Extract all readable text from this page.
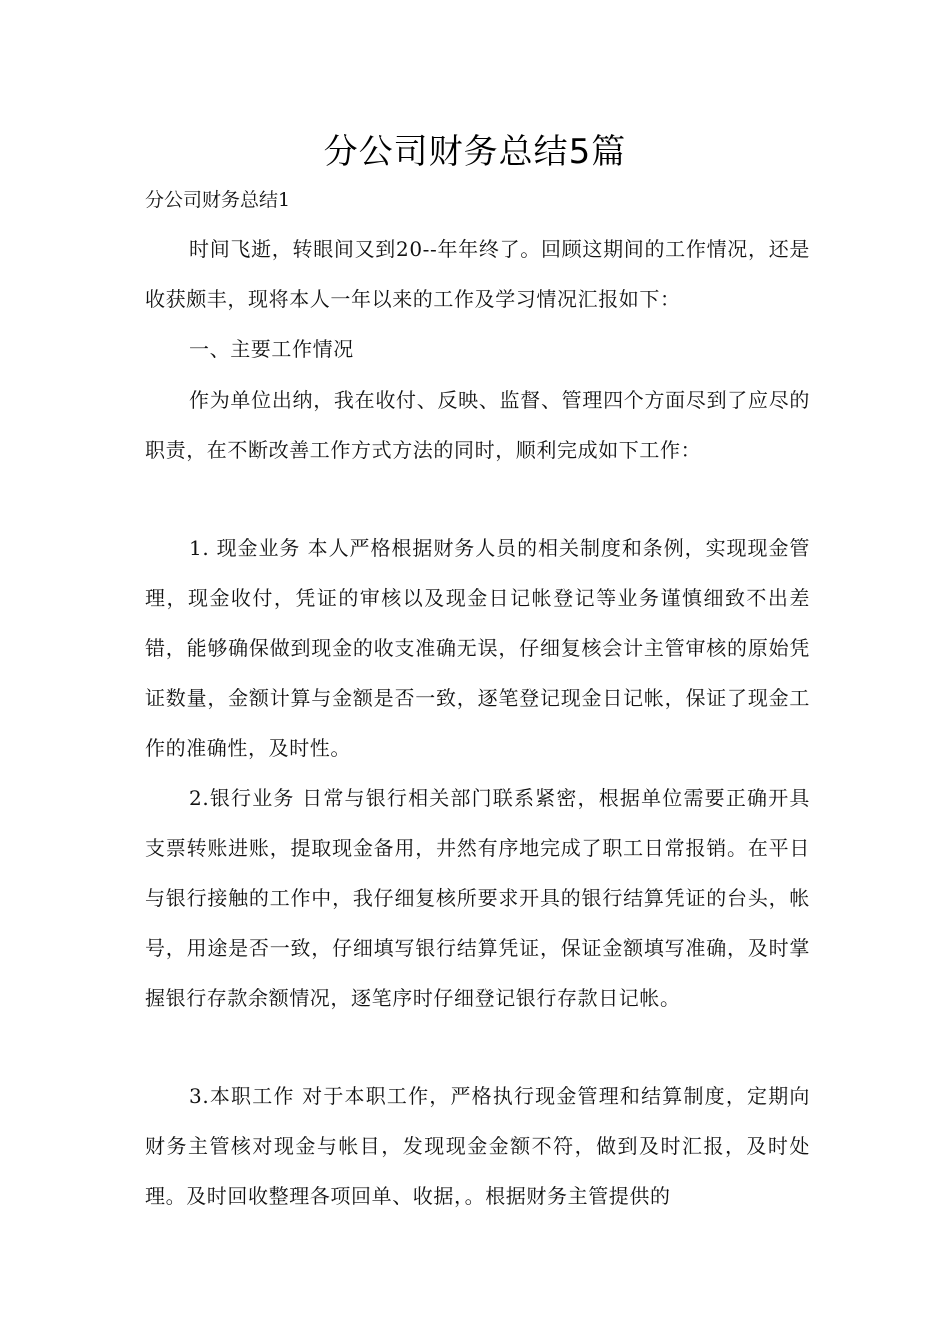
分公司财务总结5篇
分公司财务总结1

时间飞逝，转眼间又到20--年年终了。回顾这期间的工作情况，还是收获颇丰，现将本人一年以来的工作及学习情况汇报如下：

一、主要工作情况

作为单位出纳，我在收付、反映、监督、管理四个方面尽到了应尽的职责，在不断改善工作方式方法的同时，顺利完成如下工作：

1. 现金业务 本人严格根据财务人员的相关制度和条例，实现现金管理，现金收付，凭证的审核以及现金日记帐登记等业务谨慎细致不出差错，能够确保做到现金的收支准确无误，仔细复核会计主管审核的原始凭证数量，金额计算与金额是否一致，逐笔登记现金日记帐，保证了现金工作的准确性，及时性。

2.银行业务 日常与银行相关部门联系紧密，根据单位需要正确开具支票转账进账，提取现金备用，井然有序地完成了职工日常报销。在平日与银行接触的工作中，我仔细复核所要求开具的银行结算凭证的台头，帐号，用途是否一致，仔细填写银行结算凭证，保证金额填写准确，及时掌握银行存款余额情况，逐笔序时仔细登记银行存款日记帐。

3.本职工作 对于本职工作，严格执行现金管理和结算制度，定期向财务主管核对现金与帐目，发现现金金额不符，做到及时汇报，及时处理。及时回收整理各项回单、收据，。根据财务主管提供的
